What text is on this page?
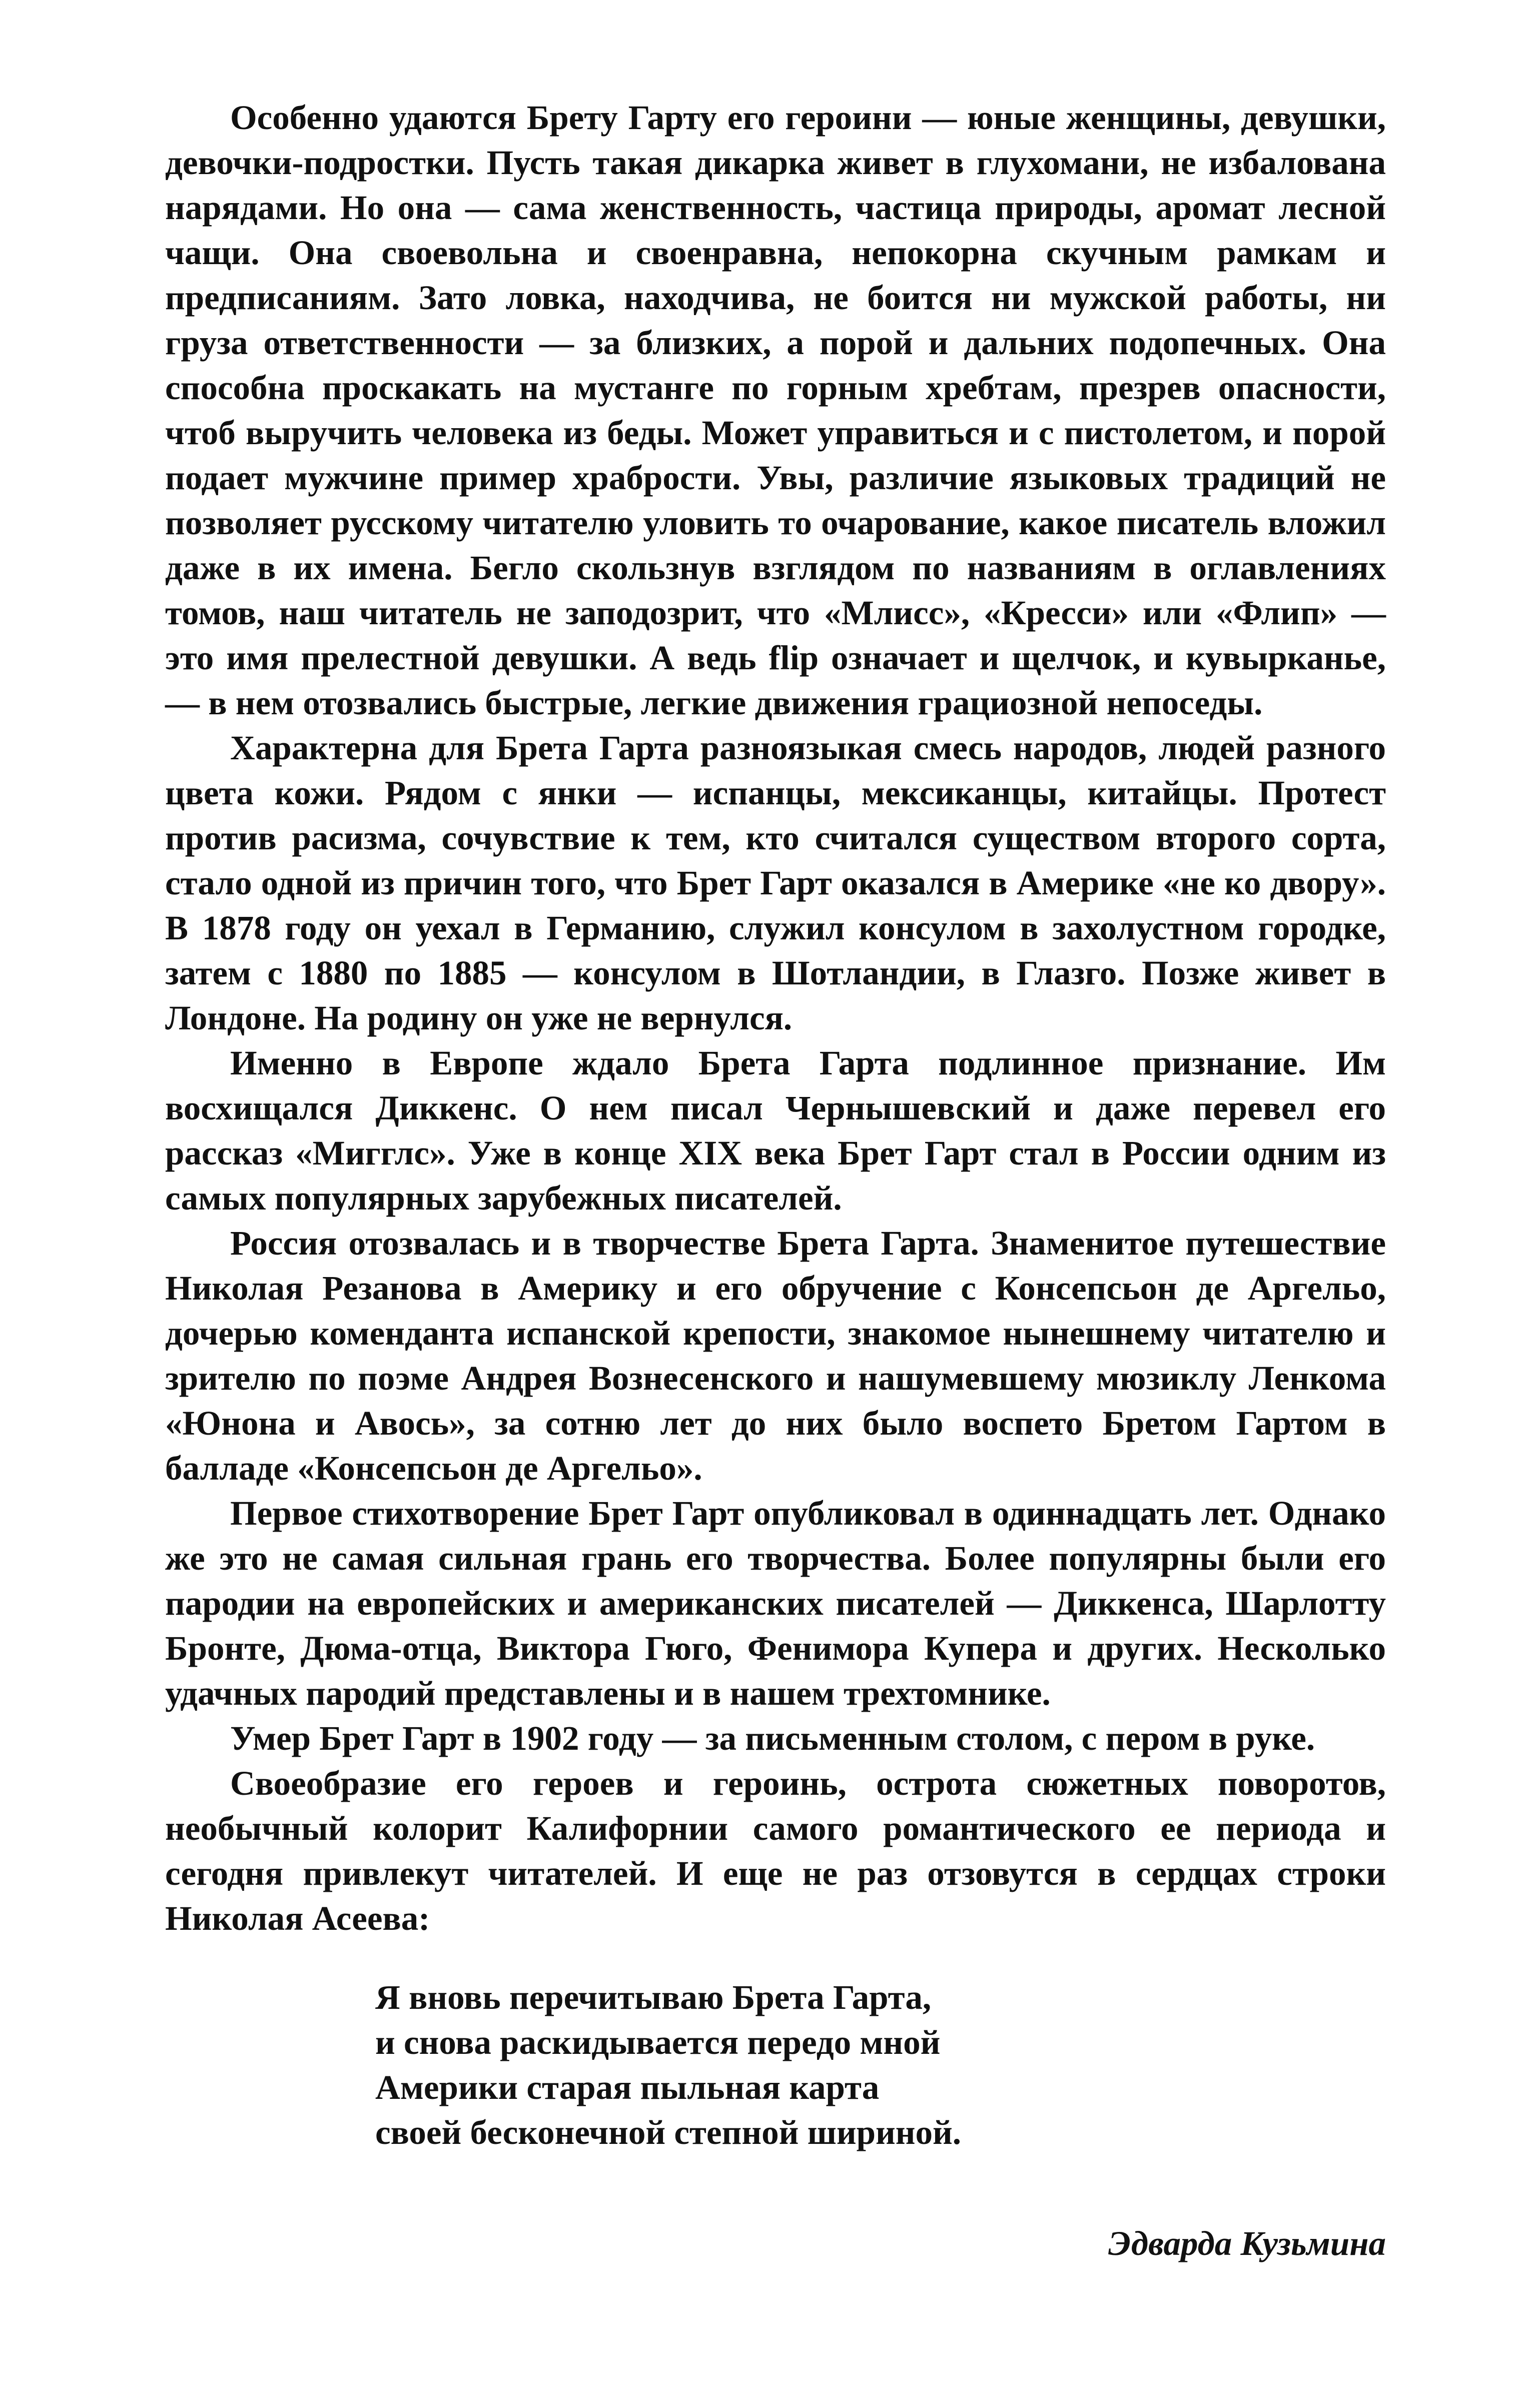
Особенно удаются Брету Гарту его героини — юные женщины, девушки, девочки-подростки. Пусть такая дикарка живет в глухомани, не избалована нарядами. Но она — сама женственность, частица природы, аромат лесной чащи. Она своевольна и своенравна, непокорна скучным рамкам и предписаниям. Зато ловка, находчива, не боится ни мужской работы, ни груза ответственности — за близких, а порой и дальних подопечных. Она способна проскакать на мустанге по горным хребтам, презрев опасности, чтоб выручить человека из беды. Может управиться и с пистолетом, и порой подает мужчине пример храбрости. Увы, различие языковых традиций не позволяет русскому читателю уловить то очарование, какое писатель вложил даже в их имена. Бегло скользнув взглядом по названиям в оглавлениях томов, наш читатель не заподозрит, что «Млисс», «Кресси» или «Флип» — это имя прелестной девушки. А ведь flip означает и щелчок, и кувырканье, — в нем отозвались быстрые, легкие движения грациозной непоседы.

Характерна для Брета Гарта разноязыкая смесь народов, людей разного цвета кожи. Рядом с янки — испанцы, мексиканцы, китайцы. Протест против расизма, сочувствие к тем, кто считался существом второго сорта, стало одной из причин того, что Брет Гарт оказался в Америке «не ко двору». В 1878 году он уехал в Германию, служил консулом в захолустном городке, затем с 1880 по 1885 — консулом в Шотландии, в Глазго. Позже живет в Лондоне. На родину он уже не вернулся.

Именно в Европе ждало Брета Гарта подлинное признание. Им восхищался Диккенс. О нем писал Чернышевский и даже перевел его рассказ «Мигглс». Уже в конце XIX века Брет Гарт стал в России одним из самых популярных зарубежных писателей.

Россия отозвалась и в творчестве Брета Гарта. Знаменитое путешествие Николая Резанова в Америку и его обручение с Консепсьон де Аргельо, дочерью коменданта испанской крепости, знакомое нынешнему читателю и зрителю по поэме Андрея Вознесенского и нашумевшему мюзиклу Ленкома «Юнона и Авось», за сотню лет до них было воспето Бретом Гартом в балладе «Консепсьон де Аргельо».

Первое стихотворение Брет Гарт опубликовал в одиннадцать лет. Однако же это не самая сильная грань его творчества. Более популярны были его пародии на европейских и американских писателей — Диккенса, Шарлотту Бронте, Дюма-отца, Виктора Гюго, Фенимора Купера и других. Несколько удачных пародий представлены и в нашем трехтомнике.

Умер Брет Гарт в 1902 году — за письменным столом, с пером в руке.

Своеобразие его героев и героинь, острота сюжетных поворотов, необычный колорит Калифорнии самого романтического ее периода и сегодня привлекут читателей. И еще не раз отзовутся в сердцах строки Николая Асеева:

Я вновь перечитываю Брета Гарта,
и снова раскидывается передо мной
Америки старая пыльная карта
своей бесконечной степной шириной.

Эдварда Кузьмина
